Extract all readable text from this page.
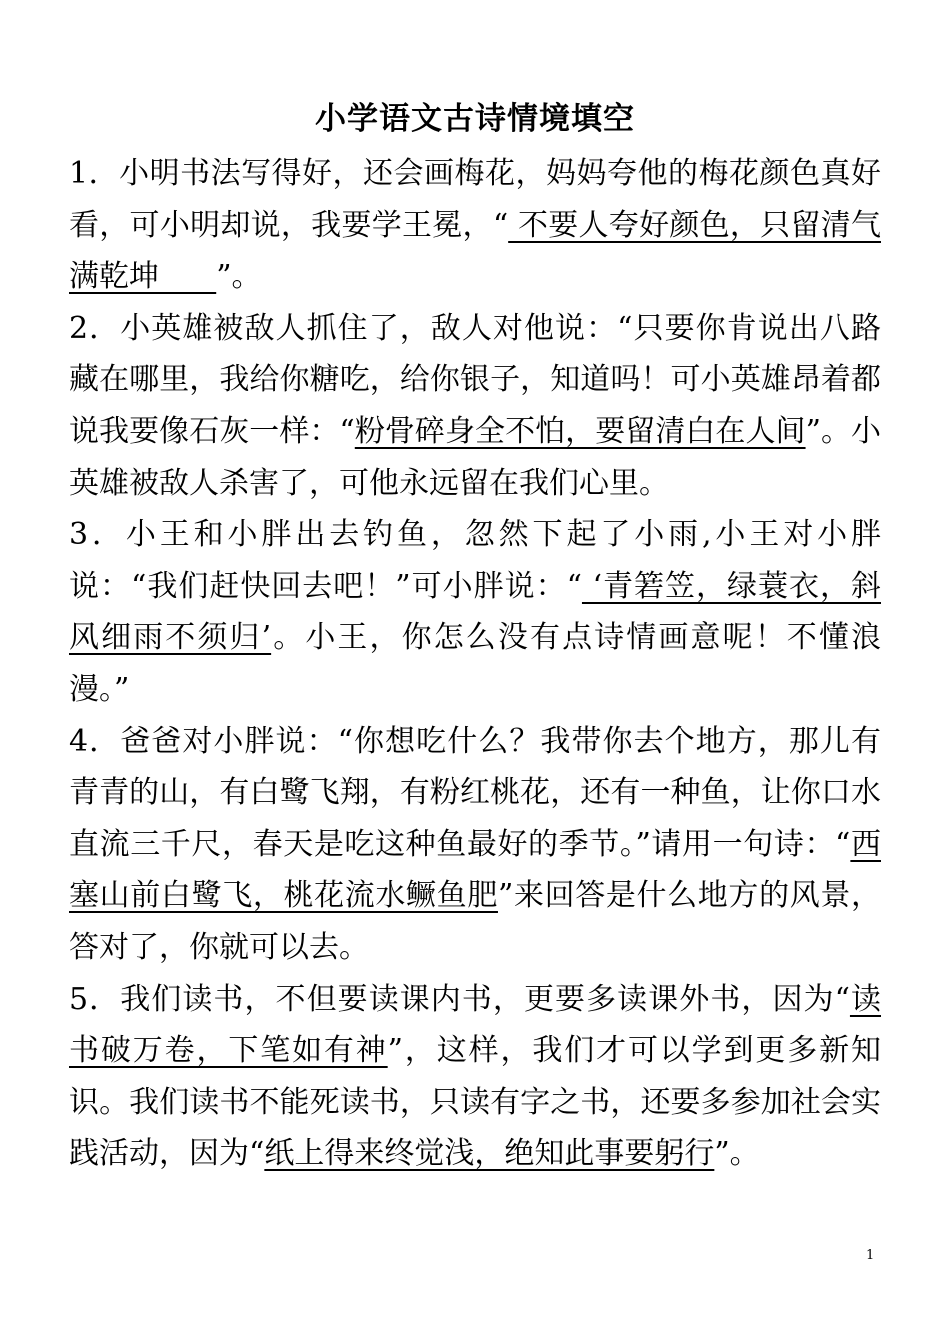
小学语文古诗情境填空

1．小明书法写得好，还会画梅花，妈妈夸他的梅花颜色真好看，可小明却说，我要学王冕，“ 不要人夸好颜色，只留清气满乾坤      ”。

2．小英雄被敌人抓住了，敌人对他说：“只要你肯说出八路藏在哪里，我给你糖吃，给你银子，知道吗！可小英雄昂着都说我要像石灰一样：“粉骨碎身全不怕，要留清白在人间”。小英雄被敌人杀害了，可他永远留在我们心里。

3．小王和小胖出去钓鱼，忽然下起了小雨,小王对小胖说：“我们赶快回去吧！”可小胖说：“ ‘青箬笠，绿蓑衣，斜风细雨不须归’。小王，你怎么没有点诗情画意呢！不懂浪漫。”

4．爸爸对小胖说：“你想吃什么？我带你去个地方，那儿有青青的山，有白鹭飞翔，有粉红桃花，还有一种鱼，让你口水直流三千尺，春天是吃这种鱼最好的季节。”请用一句诗：“西塞山前白鹭飞，桃花流水鳜鱼肥”来回答是什么地方的风景，答对了，你就可以去。

5．我们读书，不但要读课内书，更要多读课外书，因为“读书破万卷，下笔如有神”，这样，我们才可以学到更多新知识。我们读书不能死读书，只读有字之书，还要多参加社会实践活动，因为“纸上得来终觉浅，绝知此事要躬行”。

1
